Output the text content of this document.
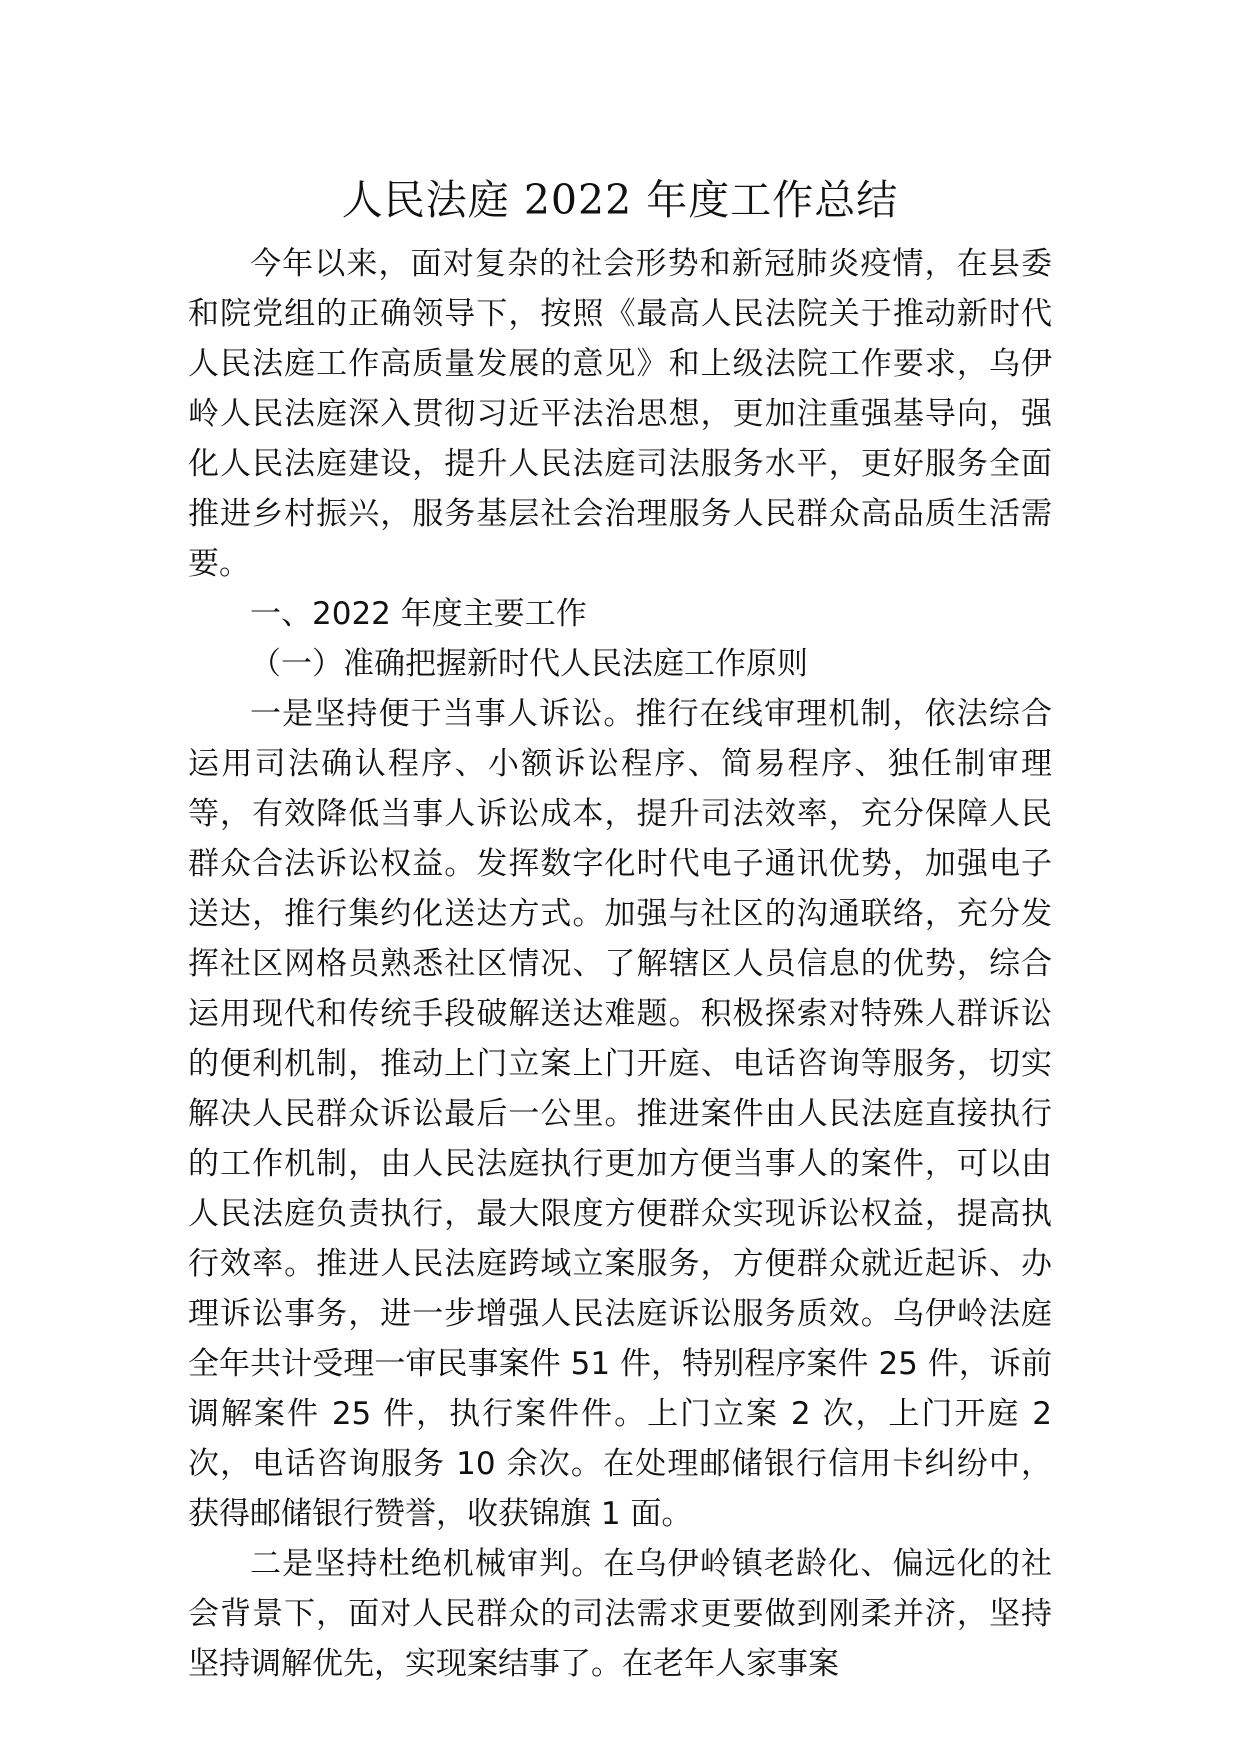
人民法庭 2022 年度工作总结

今年以来，面对复杂的社会形势和新冠肺炎疫情，在县委和院党组的正确领导下，按照《最高人民法院关于推动新时代人民法庭工作高质量发展的意见》和上级法院工作要求，乌伊岭人民法庭深入贯彻习近平法治思想，更加注重强基导向，强化人民法庭建设，提升人民法庭司法服务水平，更好服务全面推进乡村振兴，服务基层社会治理服务人民群众高品质生活需要。

一、2022 年度主要工作

（一）准确把握新时代人民法庭工作原则

一是坚持便于当事人诉讼。推行在线审理机制，依法综合运用司法确认程序、小额诉讼程序、简易程序、独任制审理等，有效降低当事人诉讼成本，提升司法效率，充分保障人民群众合法诉讼权益。发挥数字化时代电子通讯优势，加强电子送达，推行集约化送达方式。加强与社区的沟通联络，充分发挥社区网格员熟悉社区情况、了解辖区人员信息的优势，综合运用现代和传统手段破解送达难题。积极探索对特殊人群诉讼的便利机制，推动上门立案上门开庭、电话咨询等服务，切实解决人民群众诉讼最后一公里。推进案件由人民法庭直接执行的工作机制，由人民法庭执行更加方便当事人的案件，可以由人民法庭负责执行，最大限度方便群众实现诉讼权益，提高执行效率。推进人民法庭跨域立案服务，方便群众就近起诉、办理诉讼事务，进一步增强人民法庭诉讼服务质效。乌伊岭法庭全年共计受理一审民事案件 51 件，特别程序案件 25 件，诉前调解案件 25 件，执行案件件。上门立案 2 次，上门开庭 2 次，电话咨询服务 10 余次。在处理邮储银行信用卡纠纷中，获得邮储银行赞誉，收获锦旗 1 面。

二是坚持杜绝机械审判。在乌伊岭镇老龄化、偏远化的社会背景下，面对人民群众的司法需求更要做到刚柔并济，坚持坚持调解优先，实现案结事了。在老年人家事案
